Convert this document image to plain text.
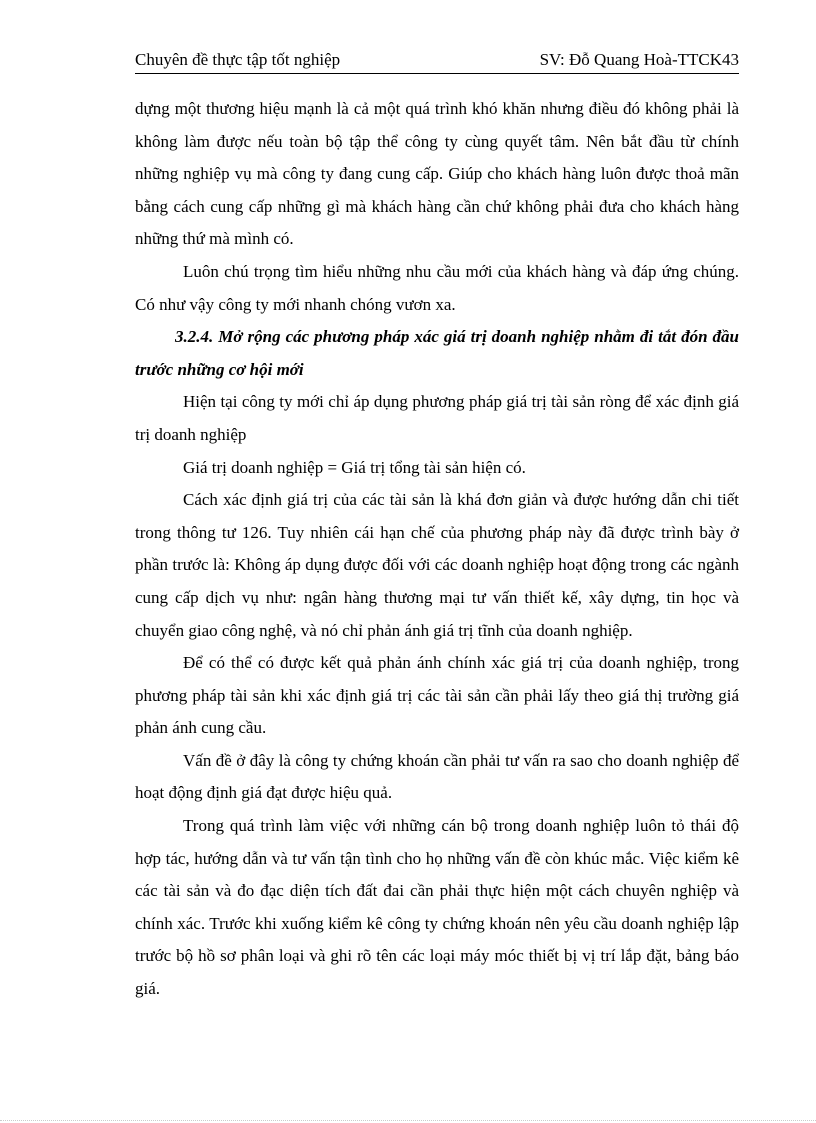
Chuyên đề thực tập tốt nghiệp	SV: Đỗ Quang Hoà-TTCK43

dựng một thương hiệu mạnh là cả một quá trình khó khăn nhưng điều đó không phải là không làm được nếu toàn bộ tập thể công ty cùng quyết tâm. Nên bắt đầu từ chính những nghiệp vụ mà công ty đang cung cấp. Giúp cho khách hàng luôn được thoả mãn bằng cách cung cấp những gì mà khách hàng cần chứ không phải đưa cho khách hàng những thứ mà mình có.

Luôn chú trọng tìm hiểu những nhu cầu mới của khách hàng và đáp ứng chúng. Có như vậy công ty mới nhanh chóng vươn xa.

3.2.4. Mở rộng các phương pháp xác giá trị doanh nghiệp nhằm đi tắt đón đầu trước những cơ hội mới

Hiện tại công ty mới chỉ áp dụng phương pháp giá trị tài sản ròng để xác định giá trị doanh nghiệp

Giá trị doanh nghiệp = Giá trị tổng tài sản hiện có.

Cách xác định giá trị của các tài sản là khá đơn giản và được hướng dẫn chi tiết trong thông tư 126. Tuy nhiên cái hạn chế của phương pháp này đã được trình bày ở phần trước là: Không áp dụng được đối với các doanh nghiệp hoạt động trong các ngành cung cấp dịch vụ như: ngân hàng thương mại tư vấn thiết kế, xây dựng, tin học và chuyển giao công nghệ, và nó chỉ phản ánh giá trị tĩnh của doanh nghiệp.

Để có thể có được kết quả phản ánh chính xác giá trị của doanh nghiệp, trong phương pháp tài sản khi xác định giá trị các tài sản cần phải lấy theo giá thị trường giá phản ánh cung cầu.

Vấn đề ở đây là công ty chứng khoán cần phải tư vấn ra sao cho doanh nghiệp để hoạt động định giá đạt được hiệu quả.

Trong quá trình làm việc với những cán bộ trong doanh nghiệp luôn tỏ thái độ hợp tác, hướng dẫn và tư vấn tận tình cho họ những vấn đề còn khúc mắc. Việc kiểm kê các tài sản và đo đạc diện tích đất đai cần phải thực hiện một cách chuyên nghiệp và chính xác. Trước khi xuống kiểm kê công ty chứng khoán nên yêu cầu doanh nghiệp lập trước bộ hồ sơ phân loại và ghi rõ tên các loại máy móc thiết bị vị trí lắp đặt, bảng báo giá.
